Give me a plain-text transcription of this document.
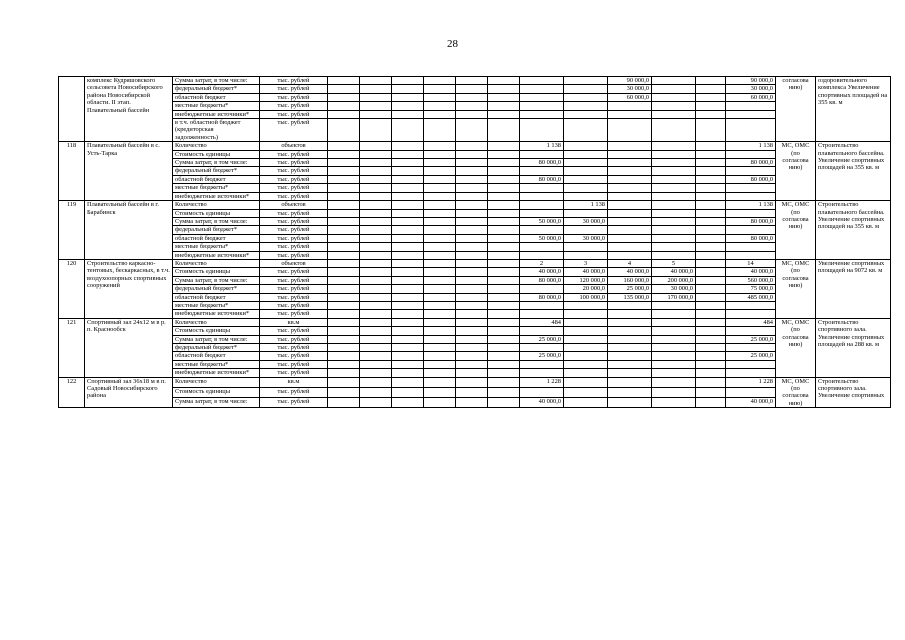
28
	комплекс Кудряшовского сельсовета Новосибирского района Новосибирской области. II этап. Плавательный бассейн	Сумма затрат, в том числе:	тыс. рублей									90 000,0			90 000,0	согласова нию)	оздоровительного комплекса Увеличение спортивных площадей на 355 кв. м
		федеральный бюджет*	тыс. рублей									30 000,0			30 000,0		
		областной бюджет	тыс. рублей									60 000,0			60 000,0		
		местные бюджеты*	тыс. рублей														
		внебюджетные источники*	тыс. рублей														
		в т.ч. областной бюджет (кредиторская задолженность)	тыс. рублей														
118	Плавательный бассейн в с. Усть-Тарка	Количество	объектов							1 138					1 138	МС, ОМС (по согласова нию)	Строительство плавательного бассейна. Увеличение спортивных площадей на 355 кв. м
		Стоимость единицы	тыс. рублей														
		Сумма затрат, в том числе:	тыс. рублей							80 000,0					80 000,0		
		федеральный бюджет*	тыс. рублей														
		областной бюджет	тыс. рублей							80 000,0					80 000,0		
		местные бюджеты*	тыс. рублей														
		внебюджетные источники*	тыс. рублей														
119	Плавательный бассейн в г. Барабинск	Количество	объектов								1 138				1 138	МС, ОМС (по согласова нию)	Строительство плавательного бассейна. Увеличение спортивных площадей на 355 кв. м
		Стоимость единицы	тыс. рублей														
		Сумма затрат, в том числе:	тыс. рублей							50 000,0	30 000,0				80 000,0		
		федеральный бюджет*	тыс. рублей														
		областной бюджет	тыс. рублей							50 000,0	30 000,0				80 000,0		
		местные бюджеты*	тыс. рублей														
		внебюджетные источники*	тыс. рублей														
120	Строительство каркасно-тентовых, бескаркасных, в т.ч. воздухоопорных спортивных сооружений	Количество	объектов							2	3	4	5		14	МС, ОМС (по согласова нию)	Увеличение спортивных площадей на 9072 кв. м
		Стоимость единицы	тыс. рублей							40 000,0	40 000,0	40 000,0	40 000,0		40 000,0		
		Сумма затрат, в том числе:	тыс. рублей							80 000,0	120 000,0	160 000,0	200 000,0		560 000,0		
		федеральный бюджет*	тыс. рублей								20 000,0	25 000,0	30 000,0		75 000,0		
		областной бюджет	тыс. рублей							80 000,0	100 000,0	135 000,0	170 000,0		485 000,0		
		местные бюджеты*	тыс. рублей														
		внебюджетные источники*	тыс. рублей														
121	Спортивный зал 24х12 м в р. п. Краснообск	Количество	кв.м							484					484	МС, ОМС (по согласова нию)	Строительство спортивного зала. Увеличение спортивных площадей на 288 кв. м
		Стоимость единицы	тыс. рублей														
		Сумма затрат, в том числе:	тыс. рублей							25 000,0					25 000,0		
		федеральный бюджет*	тыс. рублей														
		областной бюджет	тыс. рублей							25 000,0					25 000,0		
		местные бюджеты*	тыс. рублей														
		внебюджетные источники*	тыс. рублей														
122	Спортивный зал 36х18 м в п. Садовый Новосибирского района	Количество	кв.м							1 228					1 228	МС, ОМС (по согласова нию)	Строительство спортивного зала. Увеличение спортивных
		Стоимость единицы	тыс. рублей														
		Сумма затрат, в том числе:	тыс. рублей							40 000,0					40 000,0		
